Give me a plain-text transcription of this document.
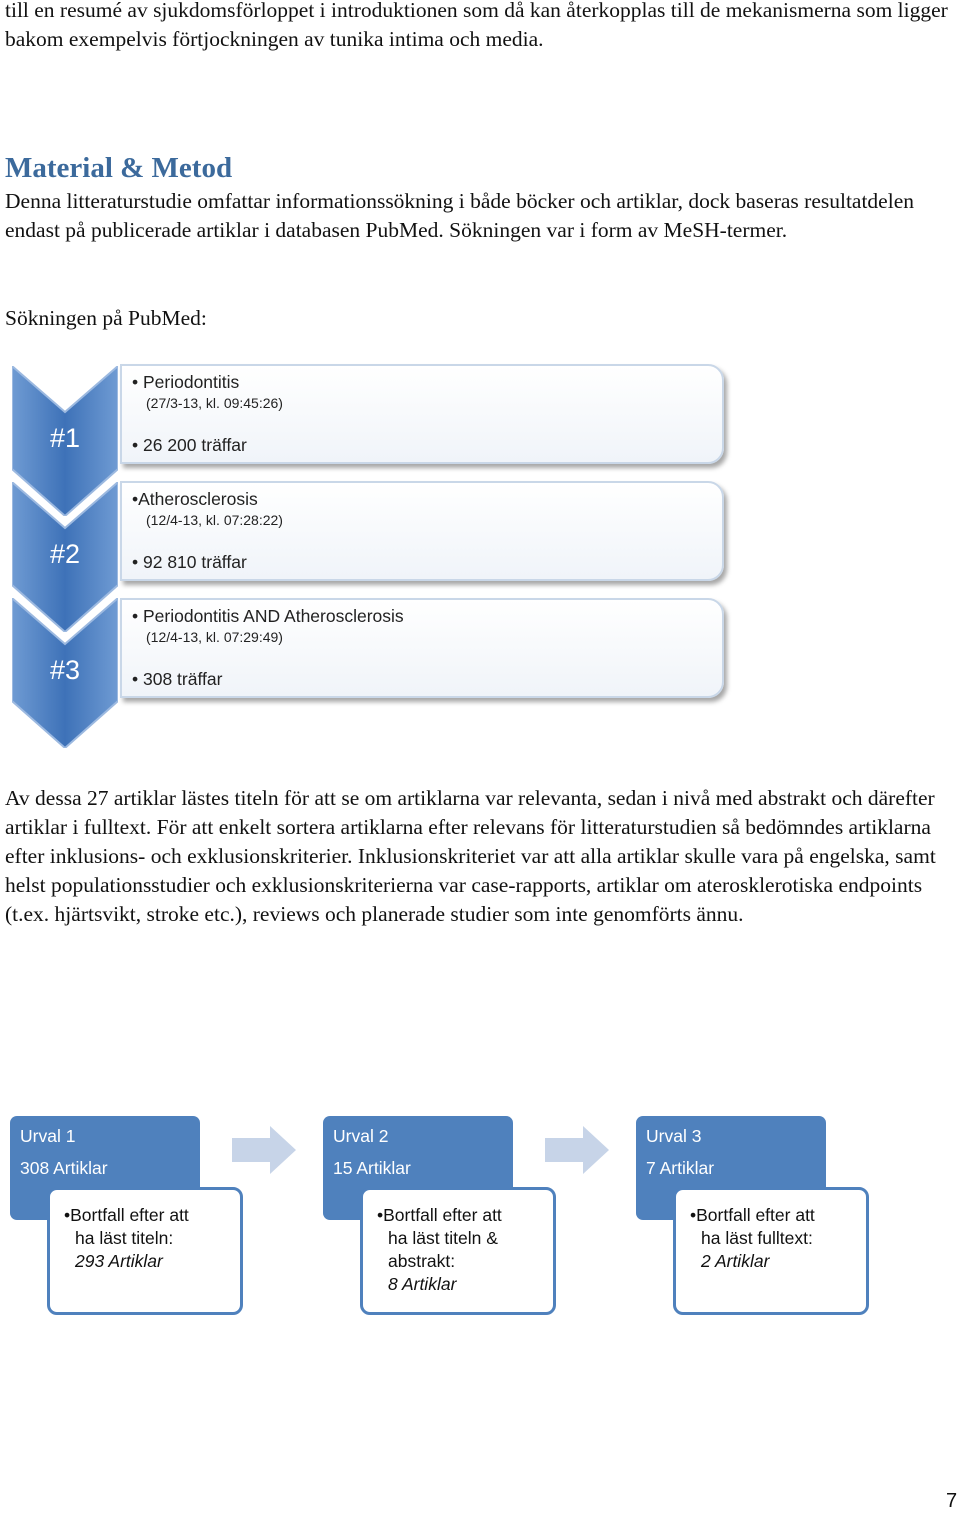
till en resumé av sjukdomsförloppet i introduktionen som då kan återkopplas till de mekanismerna som ligger bakom exempelvis förtjockningen av tunika intima och media.

Material & Metod

Denna litteraturstudie omfattar informationssökning i både böcker och artiklar, dock baseras resultatdelen endast på publicerade artiklar i databasen PubMed. Sökningen var i form av MeSH-termer.

Sökningen på PubMed:

#1
#2
#3
• Periodontitis
(27/3-13, kl. 09:45:26)
• 26 200 träffar
•Atherosclerosis
(12/4-13, kl. 07:28:22)
• 92 810 träffar
• Periodontitis AND Atherosclerosis
(12/4-13, kl. 07:29:49)
• 308 träffar

Av dessa 27 artiklar lästes titeln för att se om artiklarna var relevanta, sedan i nivå med abstrakt och därefter artiklar i fulltext. För att enkelt sortera artiklarna efter relevans för litteraturstudien så bedömndes artiklarna efter inklusions- och exklusionskriterier. Inklusionskriteriet var att alla artiklar skulle vara på engelska, samt helst populationsstudier och exklusionskriterierna var case-rapports, artiklar om aterosklerotiska endpoints (t.ex. hjärtsvikt, stroke etc.), reviews och planerade studier som inte genomförts ännu.

Urval 1
308 Artiklar
•Bortfall efter att
ha läst titeln:
293 Artiklar
Urval 2
15 Artiklar
•Bortfall efter att
ha läst titeln &
abstrakt:
8 Artiklar
Urval 3
7 Artiklar
•Bortfall efter att
ha läst fulltext:
2 Artiklar
7
